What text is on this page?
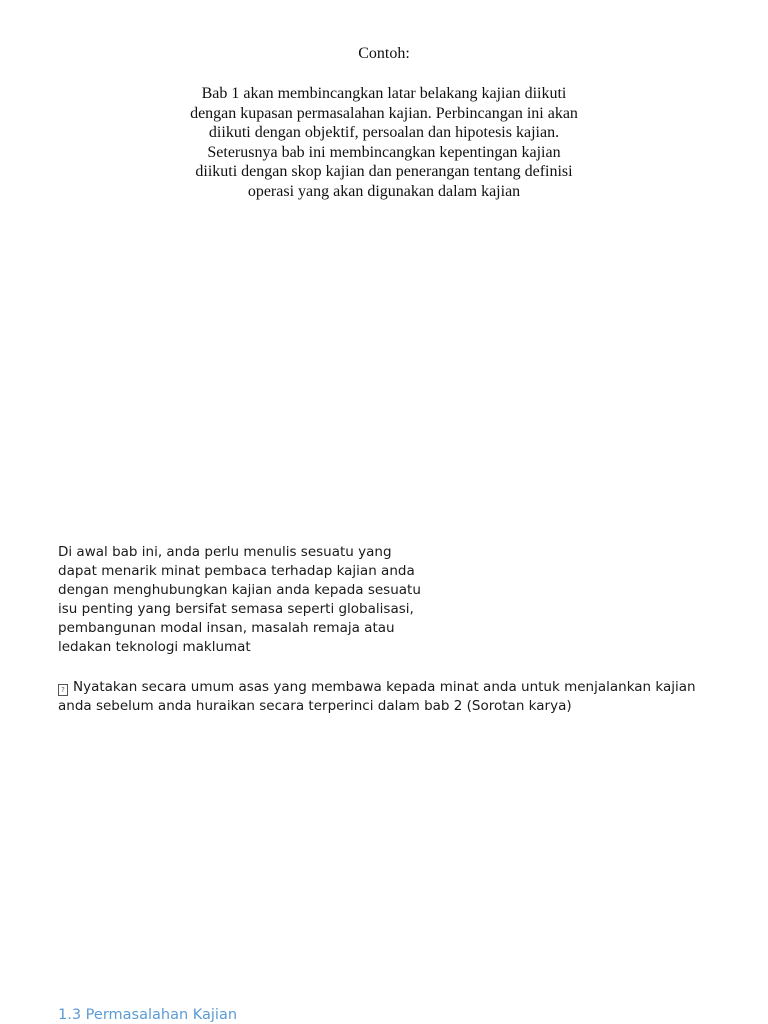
Contoh:
Bab 1 akan membincangkan latar belakang kajian diikuti
dengan kupasan permasalahan kajian. Perbincangan ini akan
diikuti dengan objektif, persoalan dan hipotesis kajian.
Seterusnya bab ini membincangkan kepentingan kajian
diikuti dengan skop kajian dan penerangan tentang definisi
operasi yang akan digunakan dalam kajian
Di awal bab ini, anda perlu menulis sesuatu yang
dapat menarik minat pembaca terhadap kajian anda
dengan menghubungkan kajian anda kepada sesuatu
isu penting yang bersifat semasa seperti globalisasi,
pembangunan modal insan, masalah remaja atau
ledakan teknologi maklumat
? Nyatakan secara umum asas yang membawa kepada minat anda untuk menjalankan kajian
anda sebelum anda huraikan secara terperinci dalam bab 2 (Sorotan karya)
1.3 Permasalahan Kajian
